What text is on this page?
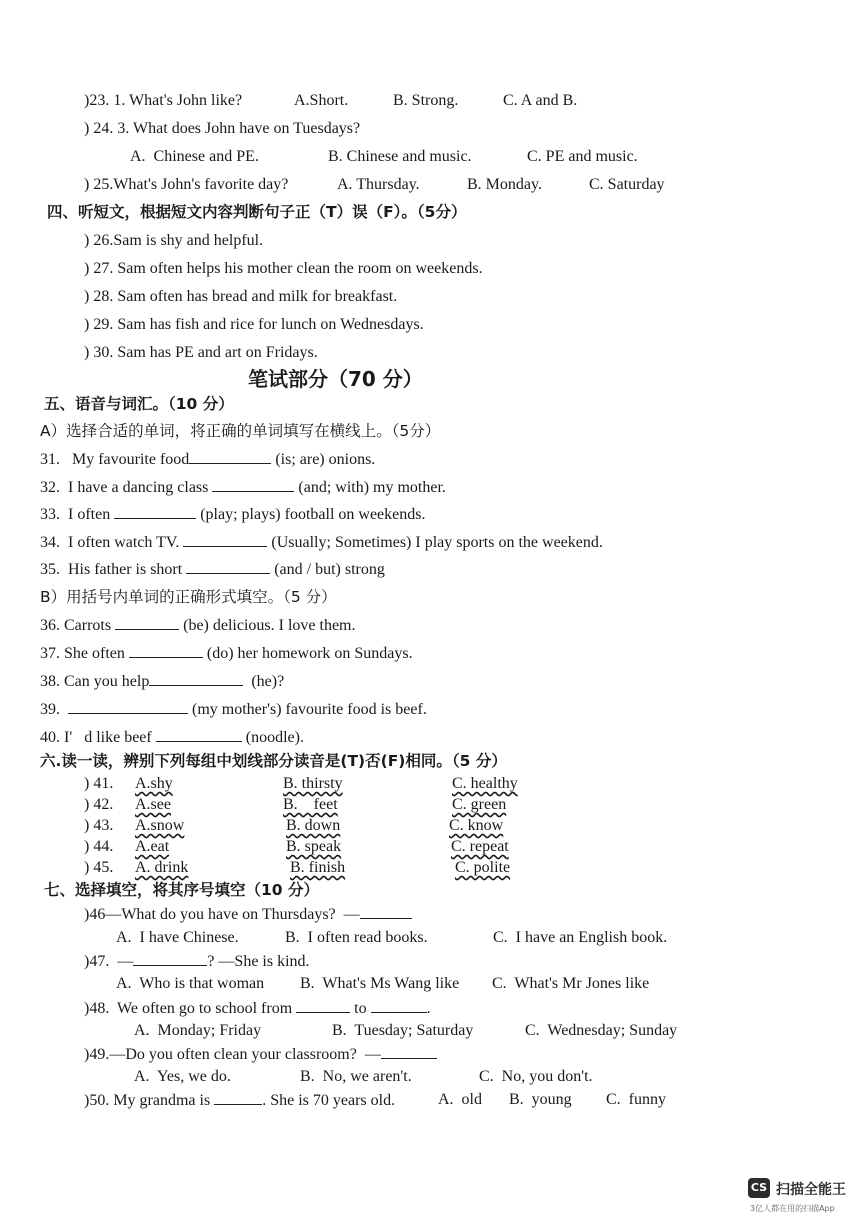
)23. 1. What's John like?	A.Short.	B. Strong.	C. A and B.
) 24. 3. What does John have on Tuesdays?
A.  Chinese and PE.	B. Chinese and music.	C. PE and music.
) 25.What's John's favorite day?	A. Thursday.	B. Monday.	C. Saturday
四、听短文，根据短文内容判断句子正（T）误（F）。（5分）
) 26.Sam is shy and helpful.
) 27. Sam often helps his mother clean the room on weekends.
) 28. Sam often has bread and milk for breakfast.
) 29. Sam has fish and rice for lunch on Wednesdays.
) 30. Sam has PE and art on Fridays.
笔试部分（70 分）
五、语音与词汇。（10 分）
A）选择合适的单词，将正确的单词填写在横线上。（5分）
31.   My favourite food	(is; are) onions.
32.  I have a dancing class	(and; with) my mother.
33.  I often	(play; plays) football on weekends.
34.  I often watch TV.	(Usually; Sometimes) I play sports on the weekend.
35.  His father is short	(and / but) strong
B）用括号内单词的正确形式填空。（5 分）
36. Carrots	(be) delicious. I love them.
37. She often	(do) her homework on Sundays.
38. Can you help	(he)?
39.	(my mother's) favourite food is beef.
40. I'   d like beef	(noodle).
六.读一读，辨别下列每组中划线部分读音是(T)否(F)相同。（5 分）
) 41. A.shy	B. thirsty	C. healthy
) 42. A.see	B.    feet	C. green
) 43. A.snow	B. down	C. know
) 44. A.eat	B. speak	C. repeat
) 45. A. drink	B. finish	C. polite
七、选择填空，将其序号填空（10 分）
)46—What do you have on Thursdays?  —
A.  I have Chinese.	B.  I often read books.	C.  I have an English book.
)47.  —	? —She is kind.
A.  Who is that woman B.  What's Ms Wang like C.  What's Mr Jones like
)48.  We often go to school from	to	.
A.  Monday; Friday	B.  Tuesday; Saturday	C.  Wednesday; Sunday
)49.—Do you often clean your classroom?  —
A.  Yes, we do.	B.  No, we aren't.	C.  No, you don't.
)50. My grandma is	. She is 70 years old.	A.  old B.  young C.  funny
CS 扫描全能王
3亿人都在用的扫描App
